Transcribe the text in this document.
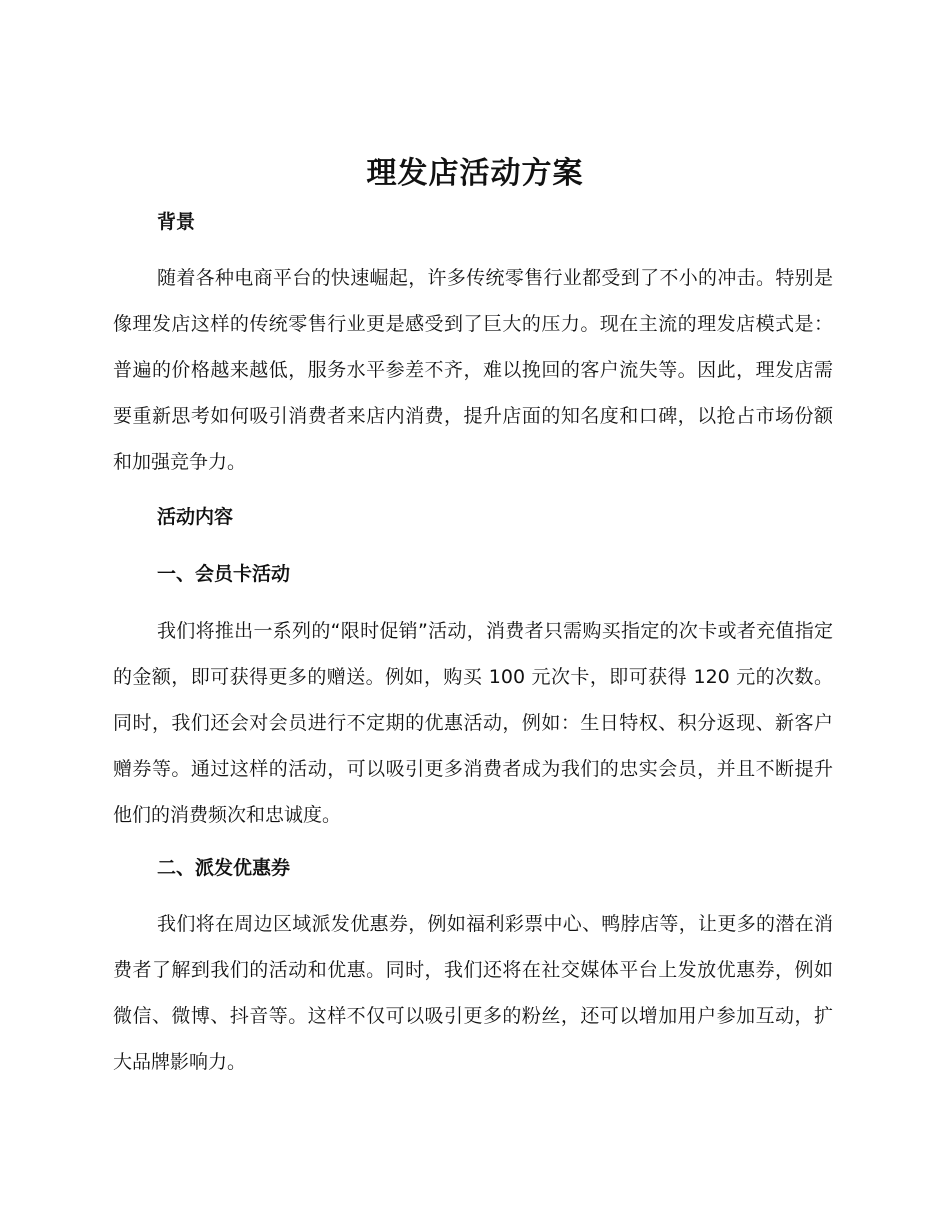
理发店活动方案
背景

随着各种电商平台的快速崛起，许多传统零售行业都受到了不小的冲击。特别是像理发店这样的传统零售行业更是感受到了巨大的压力。现在主流的理发店模式是：普遍的价格越来越低，服务水平参差不齐，难以挽回的客户流失等。因此，理发店需要重新思考如何吸引消费者来店内消费，提升店面的知名度和口碑，以抢占市场份额和加强竞争力。

活动内容
一、会员卡活动

我们将推出一系列的“限时促销”活动，消费者只需购买指定的次卡或者充值指定的金额，即可获得更多的赠送。例如，购买 100 元次卡，即可获得 120 元的次数。同时，我们还会对会员进行不定期的优惠活动，例如：生日特权、积分返现、新客户赠券等。通过这样的活动，可以吸引更多消费者成为我们的忠实会员，并且不断提升他们的消费频次和忠诚度。

二、派发优惠券

我们将在周边区域派发优惠券，例如福利彩票中心、鸭脖店等，让更多的潜在消费者了解到我们的活动和优惠。同时，我们还将在社交媒体平台上发放优惠券，例如微信、微博、抖音等。这样不仅可以吸引更多的粉丝，还可以增加用户参加互动，扩大品牌影响力。
